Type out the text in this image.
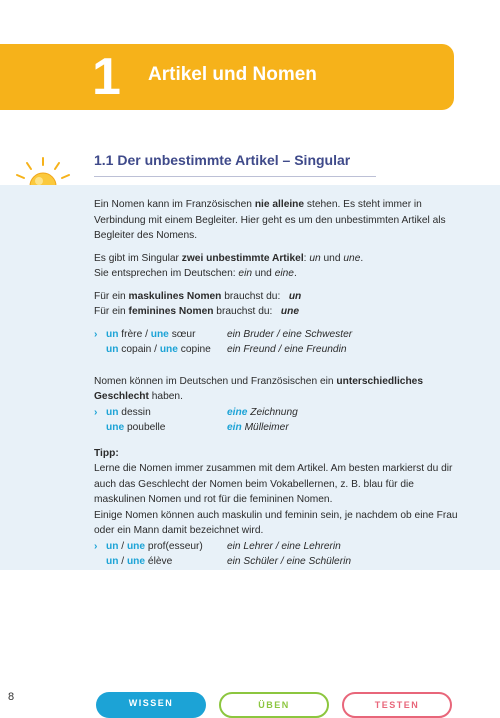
1 Artikel und Nomen
1.1 Der unbestimmte Artikel – Singular

Ein Nomen kann im Französischen nie alleine stehen. Es steht immer in Verbindung mit einem Begleiter. Hier geht es um den unbestimmten Artikel als Begleiter des Nomens.

Es gibt im Singular zwei unbestimmte Artikel: un und une.
Sie entsprechen im Deutschen: ein und eine.

Für ein maskulines Nomen brauchst du: un
Für ein feminines Nomen brauchst du: une

› un frère / une sœur	ein Bruder / eine Schwester
un copain / une copine	ein Freund / eine Freundin

Nomen können im Deutschen und Französischen ein unterschiedliches Geschlecht haben.

› un dessin	eine Zeichnung
une poubelle	ein Mülleimer
Tipp:
Lerne die Nomen immer zusammen mit dem Artikel. Am besten markierst du dir auch das Geschlecht der Nomen beim Vokabellernen, z. B. blau für die maskulinen Nomen und rot für die femininen Nomen.
Einige Nomen können auch maskulin und feminin sein, je nachdem ob eine Frau oder ein Mann damit bezeichnet wird.
› un / une prof(esseur)	ein Lehrer / eine Lehrerin
un / une élève	ein Schüler / eine Schülerin
8	WISSEN	ÜBEN	TESTEN
